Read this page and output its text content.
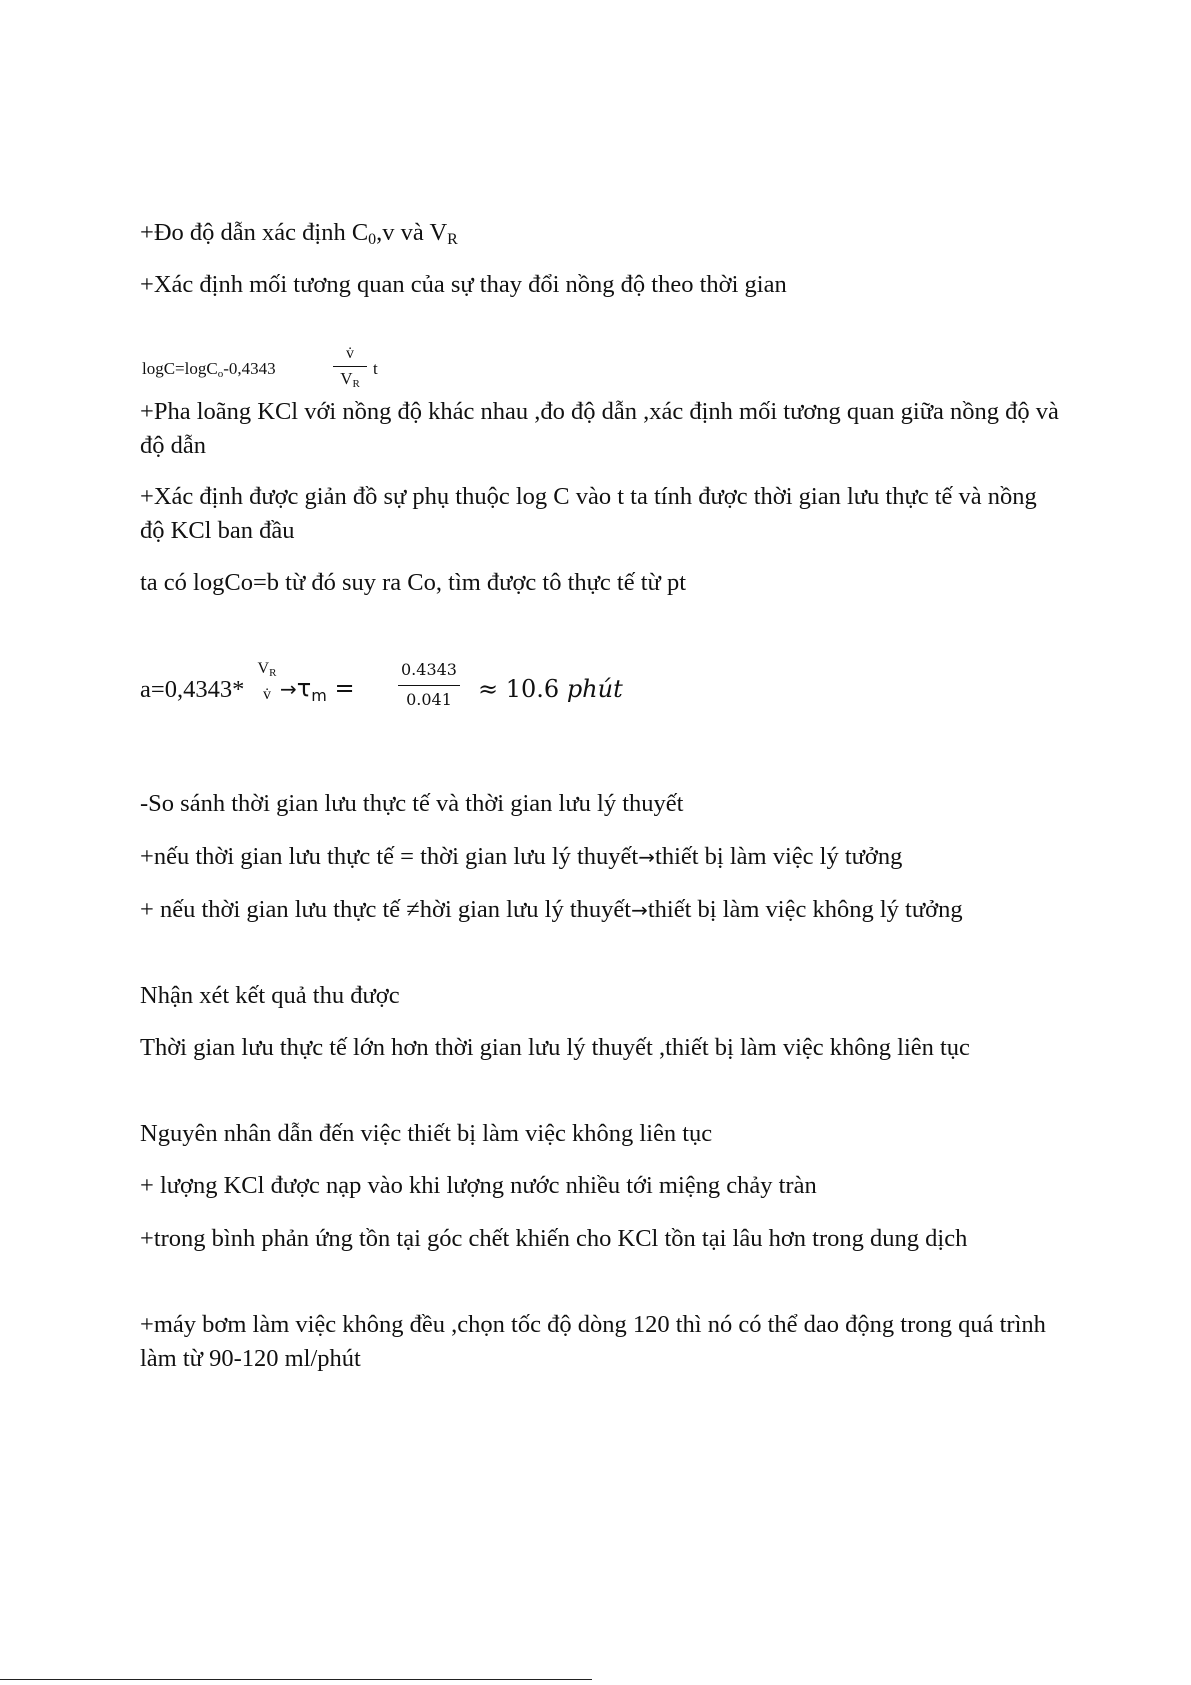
+Đo độ dẫn xác định $C_0,v$ và $V_R$
+Xác định mối tương quan của sự thay đổi nồng độ theo thời gian
logC=logC$_o$-0,4343
v̇
$V_R$
t
+Pha loãng KCl với nồng độ khác nhau ,đo độ dẫn ,xác định mối tương quan giữa nồng độ và độ dẫn
+Xác định được giản đồ sự phụ thuộc log C vào t ta tính được thời gian lưu thực tế và nồng độ KCl ban đầu
ta có logCo=b từ đó suy ra Co, tìm được tô thực tế từ pt
a=0,4343*
$V_R$
v̇ $\to\tau_m$ =
0.4343
0.041	≈ 10.6 phút
-So sánh thời gian lưu thực tế và thời gian lưu lý thuyết
+nếu thời gian lưu thực tế = thời gian lưu lý thuyết→thiết bị làm việc lý tưởng
+ nếu thời gian lưu thực tế ≠hời gian lưu lý thuyết→thiết bị làm việc không lý tưởng
Nhận xét kết quả thu được
Thời gian lưu thực tế lớn hơn thời gian lưu lý thuyết ,thiết bị làm việc không liên tục
Nguyên nhân dẫn đến việc thiết bị làm việc không liên tục
+ lượng KCl được nạp vào khi lượng nước nhiều tới miệng chảy tràn
+trong bình phản ứng tồn tại góc chết khiến cho KCl tồn tại lâu hơn trong dung dịch
+máy bơm làm việc không đều ,chọn tốc độ dòng 120 thì nó có thể dao động trong quá trình làm từ 90-120 ml/phút
